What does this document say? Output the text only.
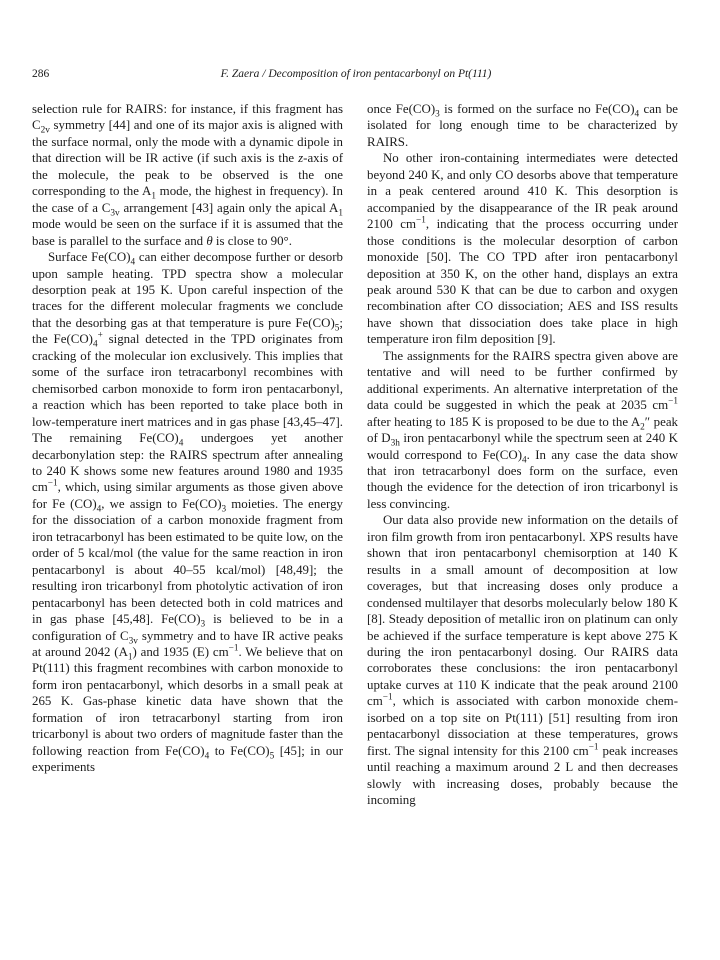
286	F. Zaera / Decomposition of iron pentacarbonyl on Pt(111)

selection rule for RAIRS: for instance, if this fragment has $C_{2v}$ symmetry [44] and one of its major axis is aligned with the surface normal, only the mode with a dynamic dipole in that direction will be IR active (if such axis is the z-axis of the molecule, the peak to be observed is the one corresponding to the $A_1$ mode, the highest in frequency). In the case of a $C_{3v}$ arrangement [43] again only the apical $A_1$ mode would be seen on the surface if it is assumed that the base is parallel to the surface and θ is close to 90°.

Surface $Fe(CO)_4$ can either decompose further or desorb upon sample heating. TPD spectra show a molecular desorption peak at 195 K. Upon careful inspection of the traces for the different molecular fragments we conclude that the desorbing gas at that temperature is pure $Fe(CO)_5$; the $Fe(CO)_4^+$ signal detected in the TPD originates from cracking of the molecular ion exclusively. This implies that some of the surface iron tetracarbonyl recombines with chemisorbed carbon monoxide to form iron pentacarbonyl, a reaction which has been reported to take place both in low-temperature inert matrices and in gas phase [43,45–47]. The remaining $Fe(CO)_4$ undergoes yet another decarbonylation step: the RAIRS spectrum after annealing to 240 K shows some new features around 1980 and 1935 $cm^{-1}$, which, using similar arguments as those given above for Fe $(CO)_4$, we assign to $Fe(CO)_3$ moieties. The energy for the dissociation of a carbon monoxide fragment from iron tetracarbonyl has been estimated to be quite low, on the order of 5 kcal/mol (the value for the same reaction in iron pentacarbonyl is about 40–55 kcal/mol) [48,49]; the resulting iron tricarbonyl from photolytic activation of iron pentacarbonyl has been detected both in cold matrices and in gas phase [45,48]. $Fe(CO)_3$ is believed to be in a configuration of $C_{3v}$ symmetry and to have IR active peaks at around 2042 $(A_1)$ and 1935 (E) $cm^{-1}$. We believe that on Pt(111) this fragment recombines with carbon monoxide to form iron pentacarbonyl, which desorbs in a small peak at 265 K. Gas-phase kinetic data have shown that the formation of iron tetracarbonyl starting from iron tricarbonyl is about two orders of magnitude faster than the following reaction from $Fe(CO)_4$ to $Fe(CO)_5$ [45]; in our experiments

once $Fe(CO)_3$ is formed on the surface no $Fe(CO)_4$ can be isolated for long enough time to be characterized by RAIRS.

No other iron-containing intermediates were detected beyond 240 K, and only CO desorbs above that temperature in a peak centered around 410 K. This desorption is accompanied by the disappearance of the IR peak around 2100 $cm^{-1}$, indicating that the process occurring under those conditions is the molecular desorption of carbon monoxide [50]. The CO TPD after iron pentacarbonyl deposition at 350 K, on the other hand, displays an extra peak around 530 K that can be due to carbon and oxygen recombination after CO dissociation; AES and ISS results have shown that dissociation does take place in high temperature iron film deposition [9].

The assignments for the RAIRS spectra given above are tentative and will need to be further confirmed by additional experiments. An alternative interpretation of the data could be suggested in which the peak at 2035 $cm^{-1}$ after heating to 185 K is proposed to be due to the $A_2''$ peak of $D_{3h}$ iron pentacarbonyl while the spectrum seen at 240 K would correspond to $Fe(CO)_4$. In any case the data show that iron tetracarbonyl does form on the surface, even though the evidence for the detection of iron tricarbonyl is less convincing.

Our data also provide new information on the details of iron film growth from iron pentacarbonyl. XPS results have shown that iron pentacarbonyl chemisorption at 140 K results in a small amount of decomposition at low coverages, but that increasing doses only produce a condensed multilayer that desorbs molecularly below 180 K [8]. Steady deposition of metallic iron on platinum can only be achieved if the surface temperature is kept above 275 K during the iron pentacarbonyl dosing. Our RAIRS data corroborates these conclusions: the iron pentacarbonyl uptake curves at 110 K indicate that the peak around 2100 $cm^{-1}$, which is associated with carbon monoxide chemisorbed on a top site on Pt(111) [51] resulting from iron pentacarbonyl dissociation at these temperatures, grows first. The signal intensity for this 2100 $cm^{-1}$ peak increases until reaching a maximum around 2 L and then decreases slowly with increasing doses, probably because the incoming
